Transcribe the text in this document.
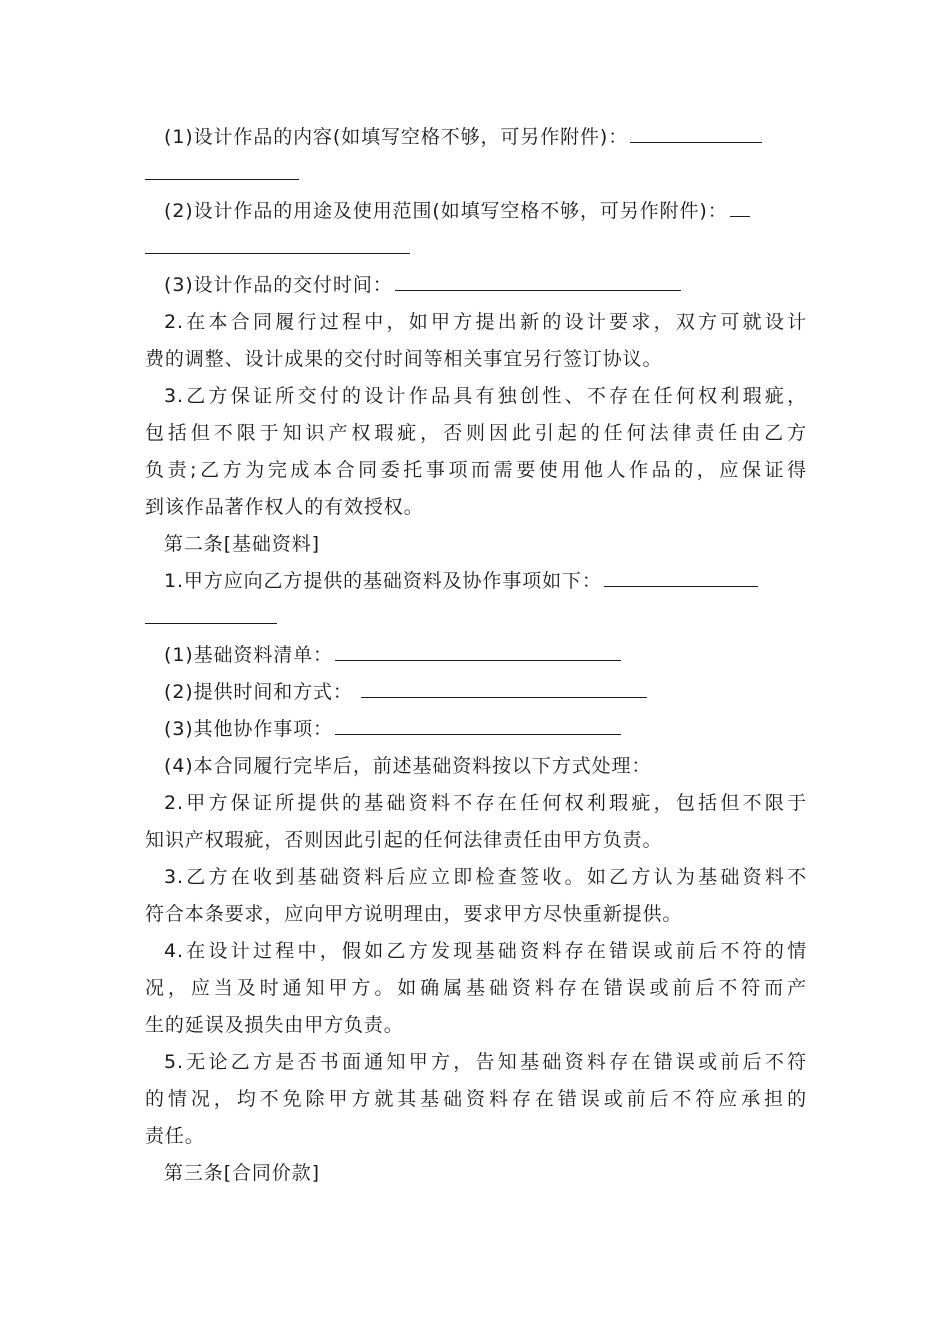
(1)设计作品的内容(如填写空格不够，可另作附件)：
(2)设计作品的用途及使用范围(如填写空格不够，可另作附件)：
(3)设计作品的交付时间：
2.在本合同履行过程中，如甲方提出新的设计要求，双方可就设计
费的调整、设计成果的交付时间等相关事宜另行签订协议。
3.乙方保证所交付的设计作品具有独创性、不存在任何权利瑕疵，
包括但不限于知识产权瑕疵，否则因此引起的任何法律责任由乙方
负责;乙方为完成本合同委托事项而需要使用他人作品的，应保证得
到该作品著作权人的有效授权。
第二条[基础资料]
1.甲方应向乙方提供的基础资料及协作事项如下：
(1)基础资料清单：
(2)提供时间和方式：
(3)其他协作事项：
(4)本合同履行完毕后，前述基础资料按以下方式处理：
2.甲方保证所提供的基础资料不存在任何权利瑕疵，包括但不限于
知识产权瑕疵，否则因此引起的任何法律责任由甲方负责。
3.乙方在收到基础资料后应立即检查签收。如乙方认为基础资料不
符合本条要求，应向甲方说明理由，要求甲方尽快重新提供。
4.在设计过程中，假如乙方发现基础资料存在错误或前后不符的情
况，应当及时通知甲方。如确属基础资料存在错误或前后不符而产
生的延误及损失由甲方负责。
5.无论乙方是否书面通知甲方，告知基础资料存在错误或前后不符
的情况，均不免除甲方就其基础资料存在错误或前后不符应承担的
责任。
第三条[合同价款]
